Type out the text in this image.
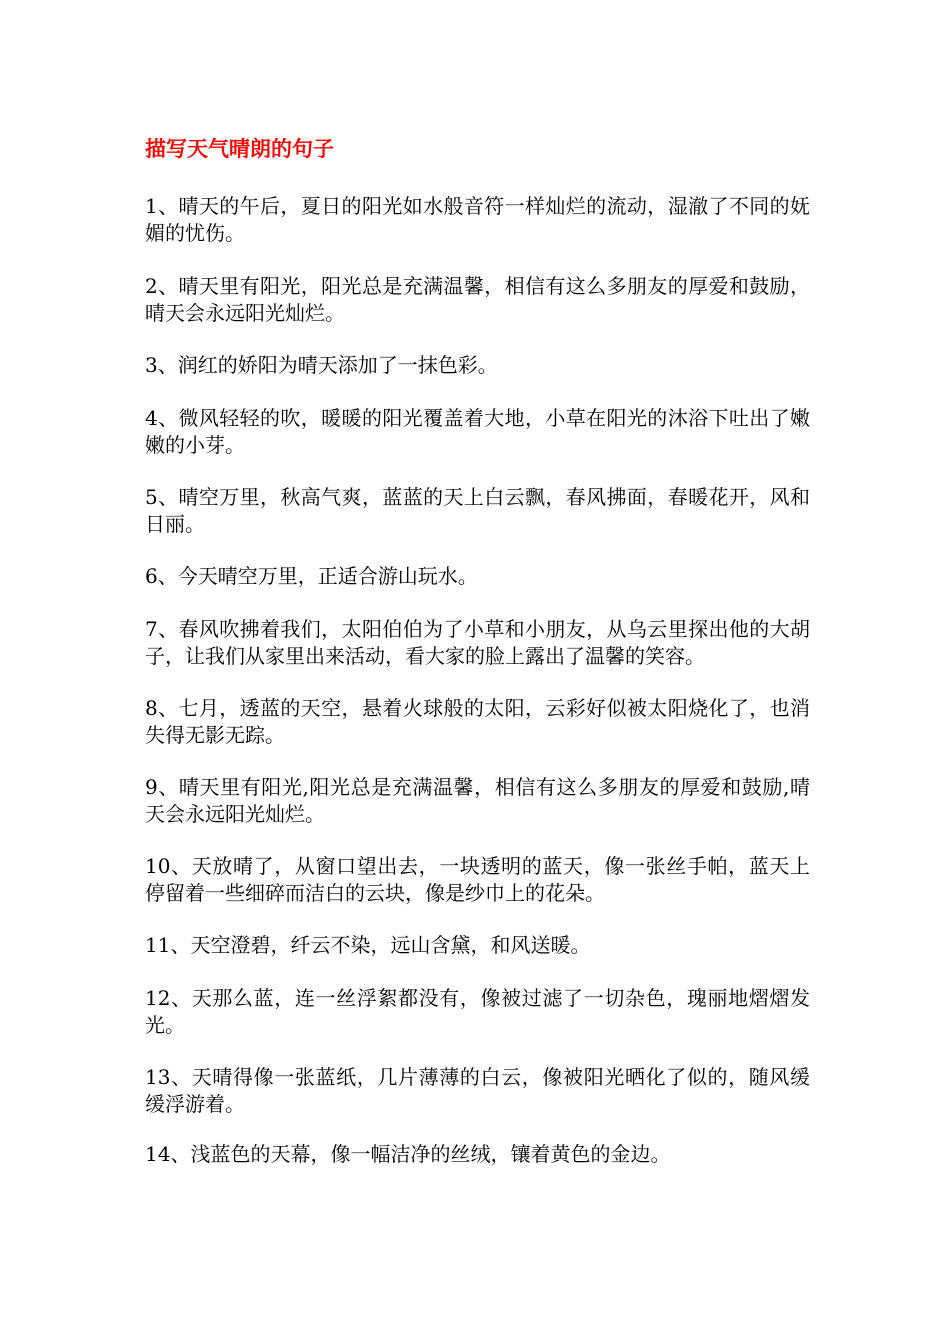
描写天气晴朗的句子
1、晴天的午后，夏日的阳光如水般音符一样灿烂的流动，湿澈了不同的妩媚的忧伤。
2、晴天里有阳光，阳光总是充满温馨，相信有这么多朋友的厚爱和鼓励，晴天会永远阳光灿烂。
3、润红的娇阳为晴天添加了一抹色彩。
4、微风轻轻的吹，暖暖的阳光覆盖着大地，小草在阳光的沐浴下吐出了嫩嫩的小芽。
5、晴空万里，秋高气爽，蓝蓝的天上白云飘，春风拂面，春暖花开，风和日丽。
6、今天晴空万里，正适合游山玩水。
7、春风吹拂着我们，太阳伯伯为了小草和小朋友，从乌云里探出他的大胡子，让我们从家里出来活动，看大家的脸上露出了温馨的笑容。
8、七月，透蓝的天空，悬着火球般的太阳，云彩好似被太阳烧化了，也消失得无影无踪。
9、晴天里有阳光,阳光总是充满温馨，相信有这么多朋友的厚爱和鼓励,晴天会永远阳光灿烂。
10、天放晴了，从窗口望出去，一块透明的蓝天，像一张丝手帕，蓝天上停留着一些细碎而洁白的云块，像是纱巾上的花朵。
11、天空澄碧，纤云不染，远山含黛，和风送暖。
12、天那么蓝，连一丝浮絮都没有，像被过滤了一切杂色，瑰丽地熠熠发光。
13、天晴得像一张蓝纸，几片薄薄的白云，像被阳光晒化了似的，随风缓缓浮游着。
14、浅蓝色的天幕，像一幅洁净的丝绒，镶着黄色的金边。
